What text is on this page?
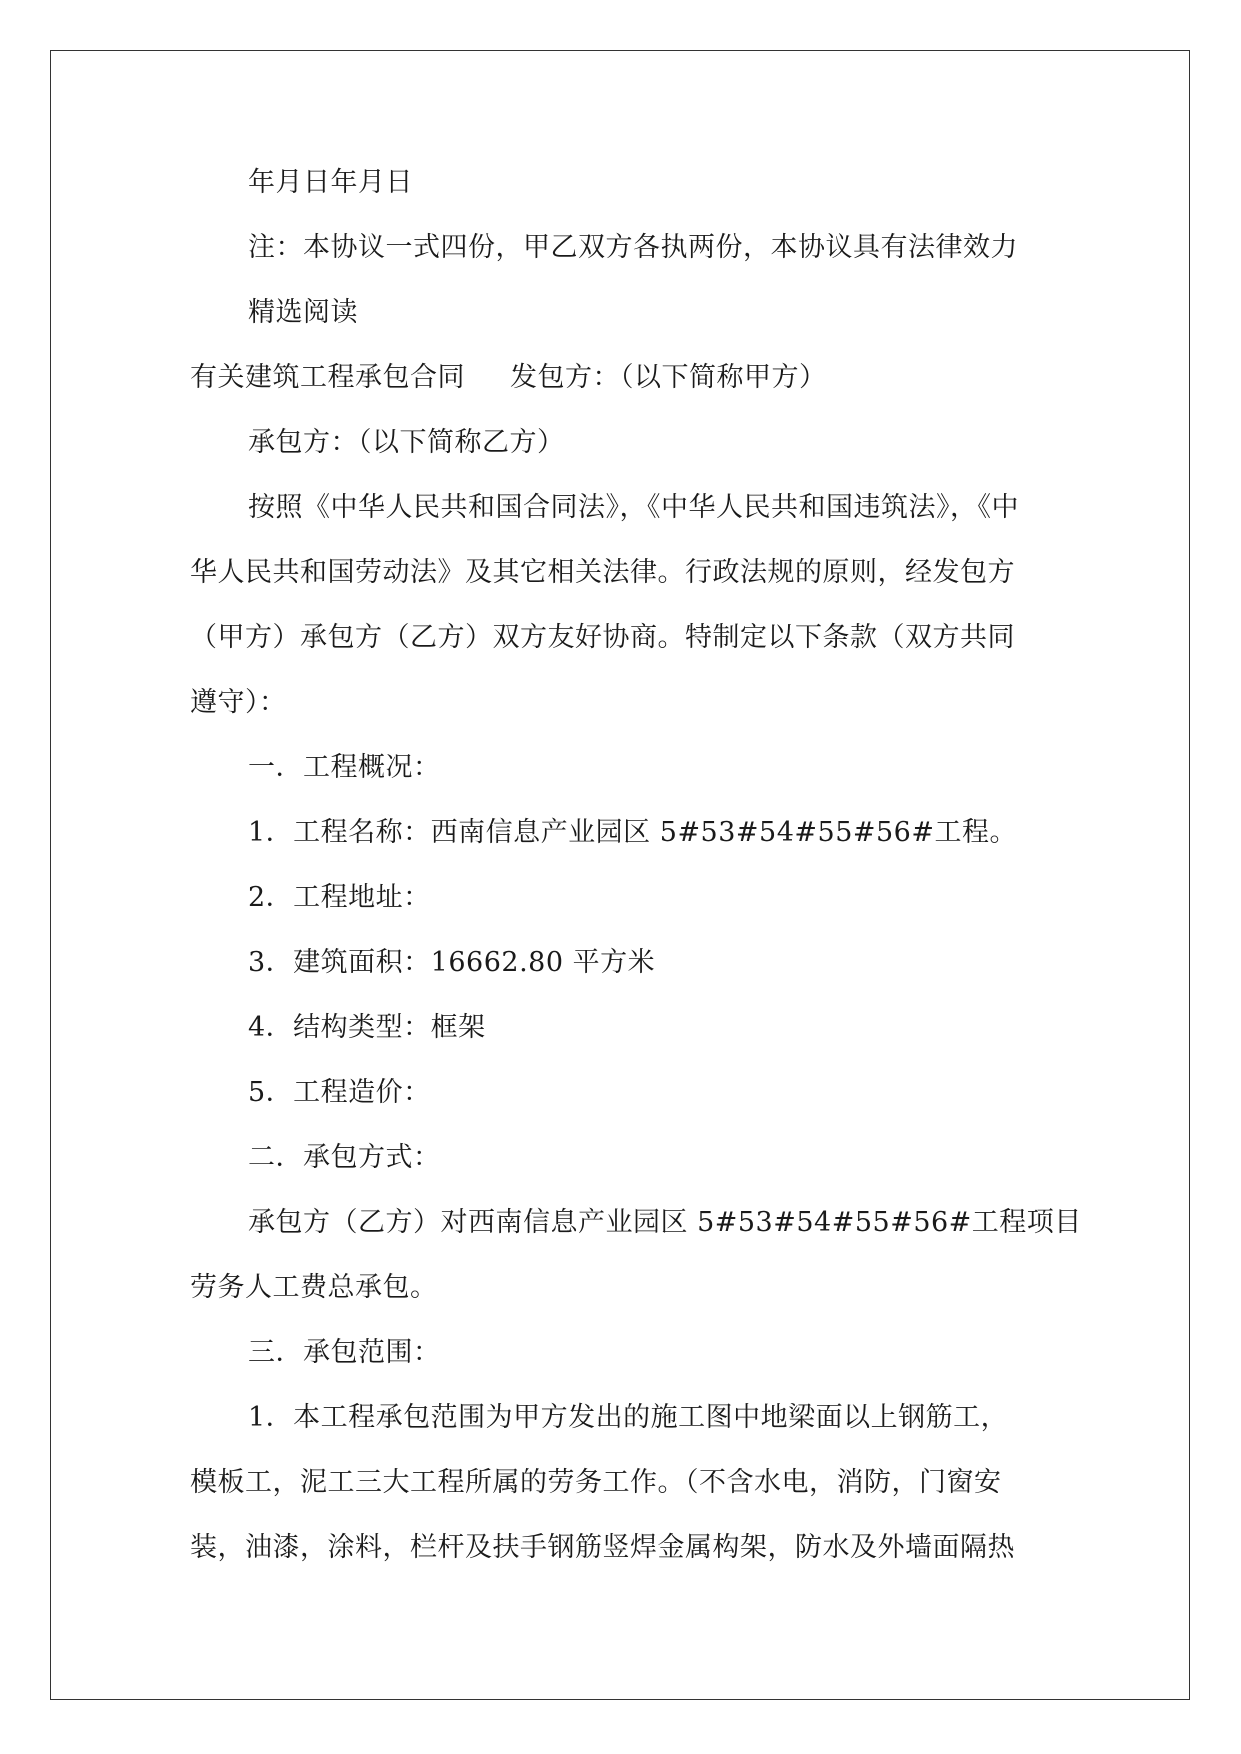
年月日年月日
注：本协议一式四份，甲乙双方各执两份，本协议具有法律效力
精选阅读
有关建筑工程承包合同 发包方：（以下简称甲方）
承包方：（以下简称乙方）
按照《中华人民共和国合同法》，《中华人民共和国违筑法》，《中
华人民共和国劳动法》及其它相关法律。行政法规的原则，经发包方
（甲方）承包方（乙方）双方友好协商。特制定以下条款（双方共同
遵守）：
一．工程概况：
1．工程名称：西南信息产业园区 5#53#54#55#56#工程。
2．工程地址：
3．建筑面积：16662.80 平方米
4．结构类型：框架
5．工程造价：
二．承包方式：
承包方（乙方）对西南信息产业园区 5#53#54#55#56#工程项目
劳务人工费总承包。
三．承包范围：
1．本工程承包范围为甲方发出的施工图中地梁面以上钢筋工，
模板工，泥工三大工程所属的劳务工作。（不含水电，消防，门窗安
装，油漆，涂料，栏杆及扶手钢筋竖焊金属构架，防水及外墙面隔热
